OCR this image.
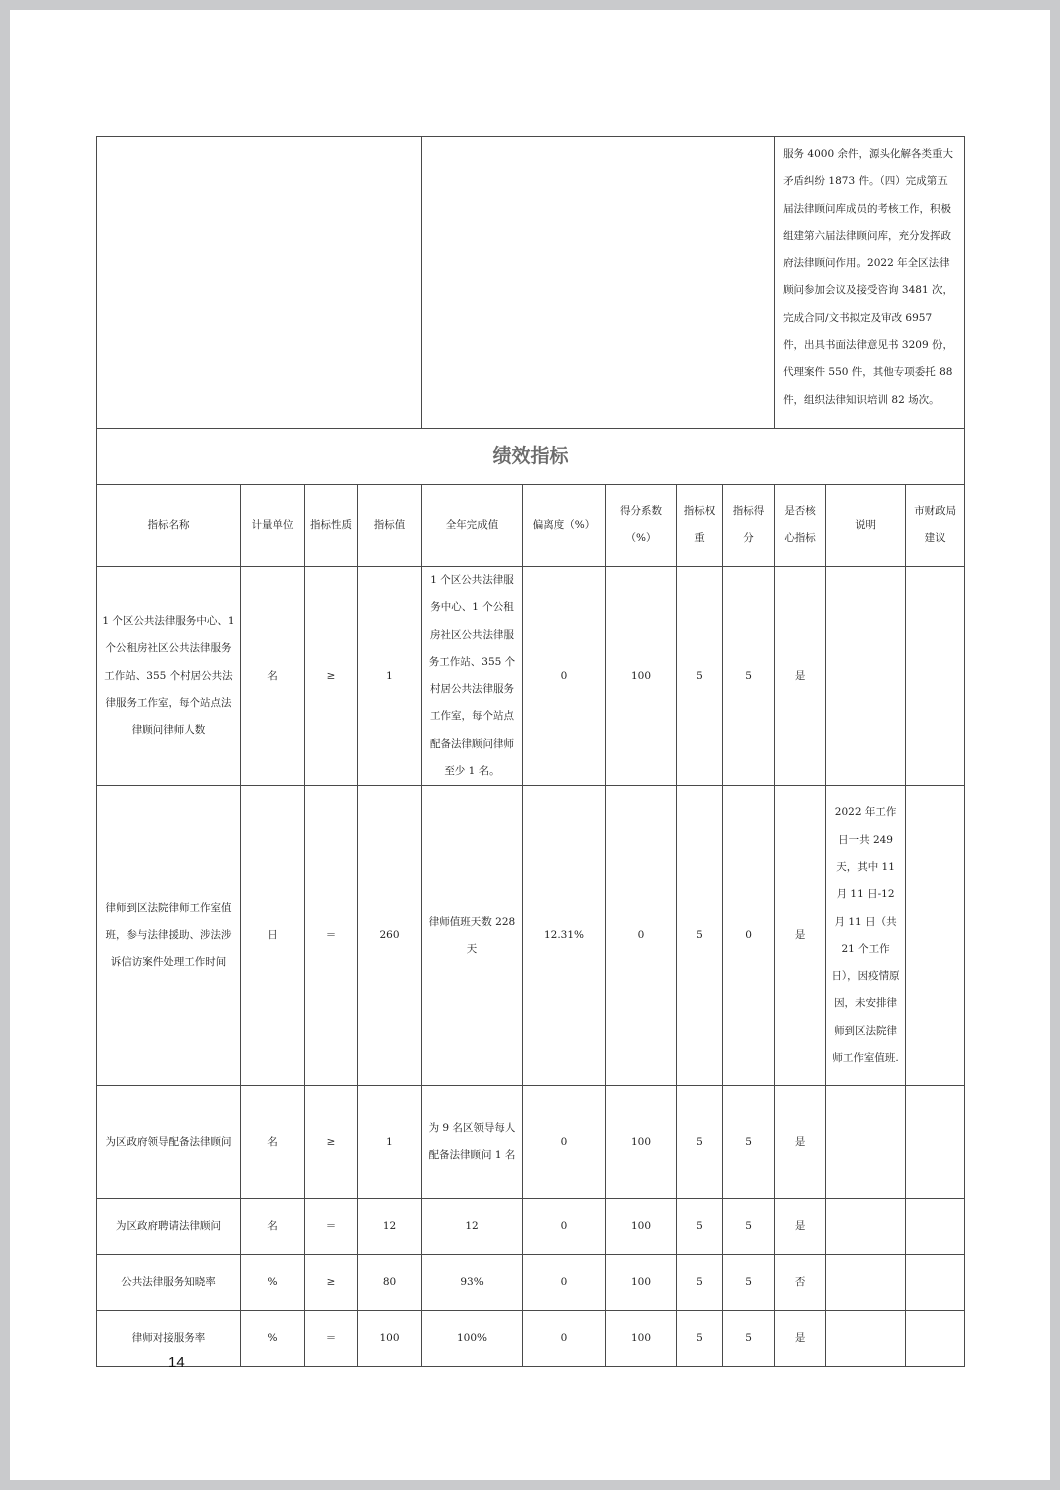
									服务 4000 余件，源头化解各类重大矛盾纠纷 1873 件。（四）完成第五届法律顾问库成员的考核工作，积极组建第六届法律顾问库，充分发挥政府法律顾问作用。2022 年全区法律顾问参加会议及接受咨询 3481 次，完成合同/文书拟定及审改 6957 件，出具书面法律意见书 3209 份，代理案件 550 件，其他专项委托 88 件，组织法律知识培训 82 场次。		
绩效指标											
指标名称	计量单位	指标性质	指标值	全年完成值	偏离度（%）	得分系数（%）	指标权重	指标得分	是否核心指标	说明	市财政局建议
1 个区公共法律服务中心、1 个公租房社区公共法律服务工作站、355 个村居公共法律服务工作室，每个站点法律顾问律师人数	名	≥	1	1 个区公共法律服务中心、1 个公租房社区公共法律服务工作站、355 个村居公共法律服务工作室，每个站点配备法律顾问律师至少 1 名。	0	100	5	5	是		
律师到区法院律师工作室值班，参与法律援助、涉法涉诉信访案件处理工作时间	日	＝	260	律师值班天数 228 天	12.31%	0	5	0	是	2022 年工作日一共 249 天，其中 11 月 11 日-12 月 11 日（共 21 个工作日），因疫情原因，未安排律师到区法院律师工作室值班.	
为区政府领导配备法律顾问	名	≥	1	为 9 名区领导每人配备法律顾问 1 名	0	100	5	5	是		
为区政府聘请法律顾问	名	＝	12	12	0	100	5	5	是		
公共法律服务知晓率	%	≥	80	93%	0	100	5	5	否		
律师对接服务率	%	＝	100	100%	0	100	5	5	是		
14
